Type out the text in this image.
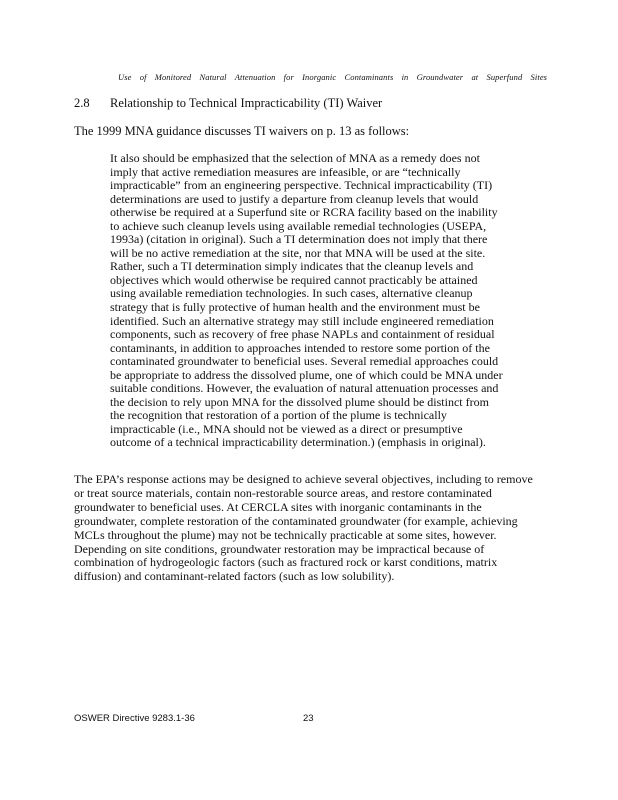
Use of Monitored Natural Attenuation for Inorganic Contaminants in Groundwater at Superfund Sites
2.8 Relationship to Technical Impracticability (TI) Waiver
The 1999 MNA guidance discusses TI waivers on p. 13 as follows:

It also should be emphasized that the selection of MNA as a remedy does not

imply that active remediation measures are infeasible, or are “technically

impracticable” from an engineering perspective. Technical impracticability (TI)

determinations are used to justify a departure from cleanup levels that would

otherwise be required at a Superfund site or RCRA facility based on the inability

to achieve such cleanup levels using available remedial technologies (USEPA,

1993a) (citation in original). Such a TI determination does not imply that there

will be no active remediation at the site, nor that MNA will be used at the site.

Rather, such a TI determination simply indicates that the cleanup levels and

objectives which would otherwise be required cannot practicably be attained

using available remediation technologies. In such cases, alternative cleanup

strategy that is fully protective of human health and the environment must be

identified. Such an alternative strategy may still include engineered remediation

components, such as recovery of free phase NAPLs and containment of residual

contaminants, in addition to approaches intended to restore some portion of the

contaminated groundwater to beneficial uses. Several remedial approaches could

be appropriate to address the dissolved plume, one of which could be MNA under

suitable conditions. However, the evaluation of natural attenuation processes and

the decision to rely upon MNA for the dissolved plume should be distinct from

the recognition that restoration of a portion of the plume is technically

impracticable (i.e., MNA should not be viewed as a direct or presumptive

outcome of a technical impracticability determination.) (emphasis in original).

The EPA’s response actions may be designed to achieve several objectives, including to remove

or treat source materials, contain non-restorable source areas, and restore contaminated

groundwater to beneficial uses. At CERCLA sites with inorganic contaminants in the

groundwater, complete restoration of the contaminated groundwater (for example, achieving

MCLs throughout the plume) may not be technically practicable at some sites, however.

Depending on site conditions, groundwater restoration may be impractical because of

combination of hydrogeologic factors (such as fractured rock or karst conditions, matrix

diffusion) and contaminant-related factors (such as low solubility).

OSWER Directive 9283.1-36	23
